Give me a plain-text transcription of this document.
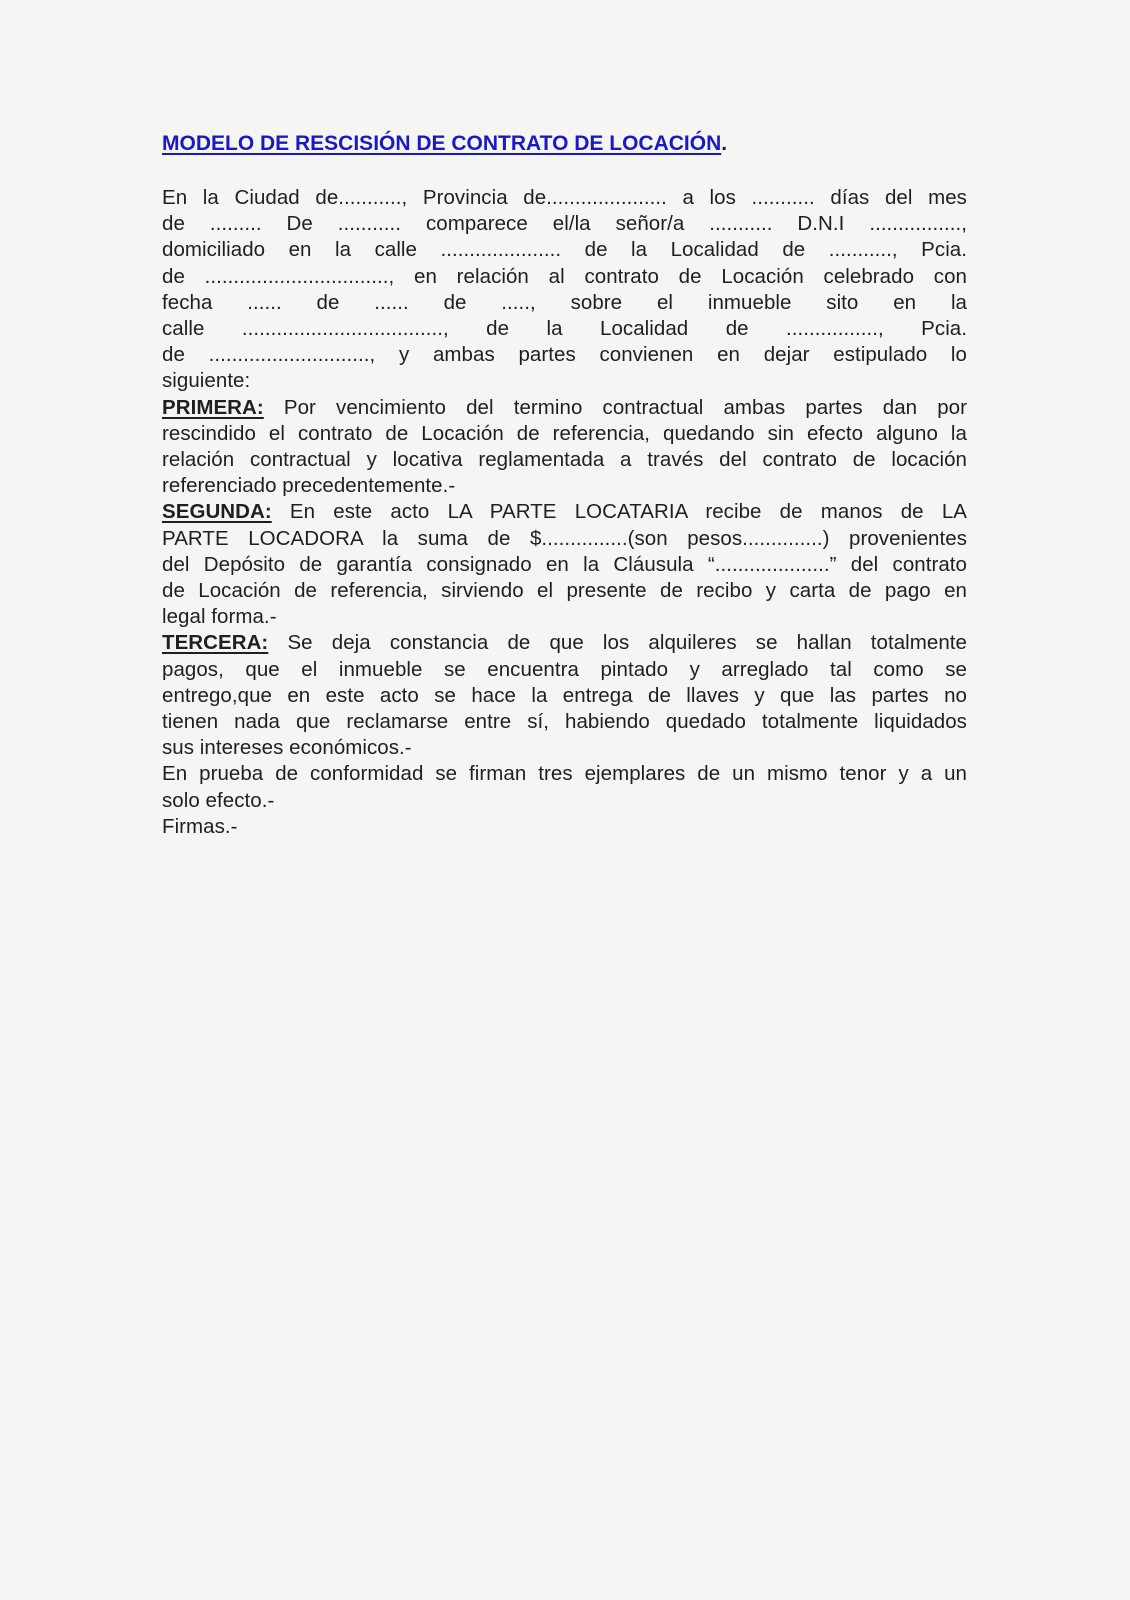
MODELO DE RESCISIÓN DE CONTRATO DE LOCACIÓN.
En la Ciudad de..........., Provincia de..................... a los ........... días del mes
de ......... De ........... comparece el/la señor/a ........... D.N.I ................,
domiciliado en la calle ..................... de la Localidad de ..........., Pcia.
de ................................, en relación al contrato de Locación celebrado con
fecha ...... de ...... de ....., sobre el inmueble sito en la
calle ..................................., de la Localidad de ................, Pcia.
de ............................, y ambas partes convienen en dejar estipulado lo
siguiente:
PRIMERA: Por vencimiento del termino contractual ambas partes dan por
rescindido el contrato de Locación de referencia, quedando sin efecto alguno la
relación contractual y locativa reglamentada a través del contrato de locación
referenciado precedentemente.-
SEGUNDA: En este acto LA PARTE LOCATARIA recibe de manos de LA
PARTE LOCADORA la suma de $...............(son pesos..............) provenientes
del Depósito de garantía consignado en la Cláusula “....................” del contrato
de Locación de referencia, sirviendo el presente de recibo y carta de pago en
legal forma.-
TERCERA: Se deja constancia de que los alquileres se hallan totalmente
pagos, que el inmueble se encuentra pintado y arreglado tal como se
entrego,que en este acto se hace la entrega de llaves y que las partes no
tienen nada que reclamarse entre sí, habiendo quedado totalmente liquidados
sus intereses económicos.-
En prueba de conformidad se firman tres ejemplares de un mismo tenor y a un
solo efecto.-
Firmas.-
